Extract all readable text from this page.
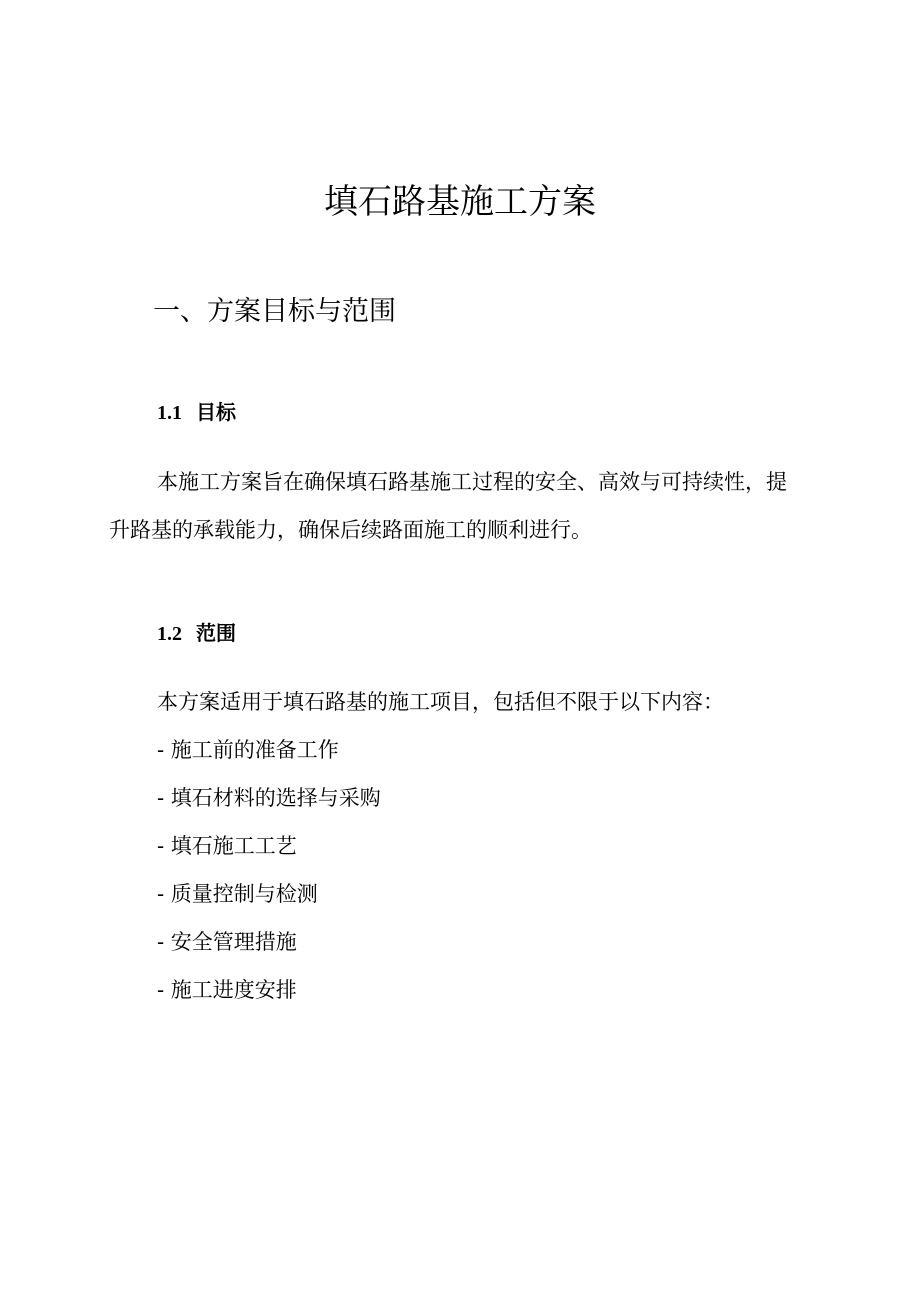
填石路基施工方案
一、方案目标与范围
1.1 目标

本施工方案旨在确保填石路基施工过程的安全、高效与可持续性，提升路基的承载能力，确保后续路面施工的顺利进行。

1.2 范围

本方案适用于填石路基的施工项目，包括但不限于以下内容：

- 施工前的准备工作

- 填石材料的选择与采购

- 填石施工工艺

- 质量控制与检测

- 安全管理措施

- 施工进度安排
